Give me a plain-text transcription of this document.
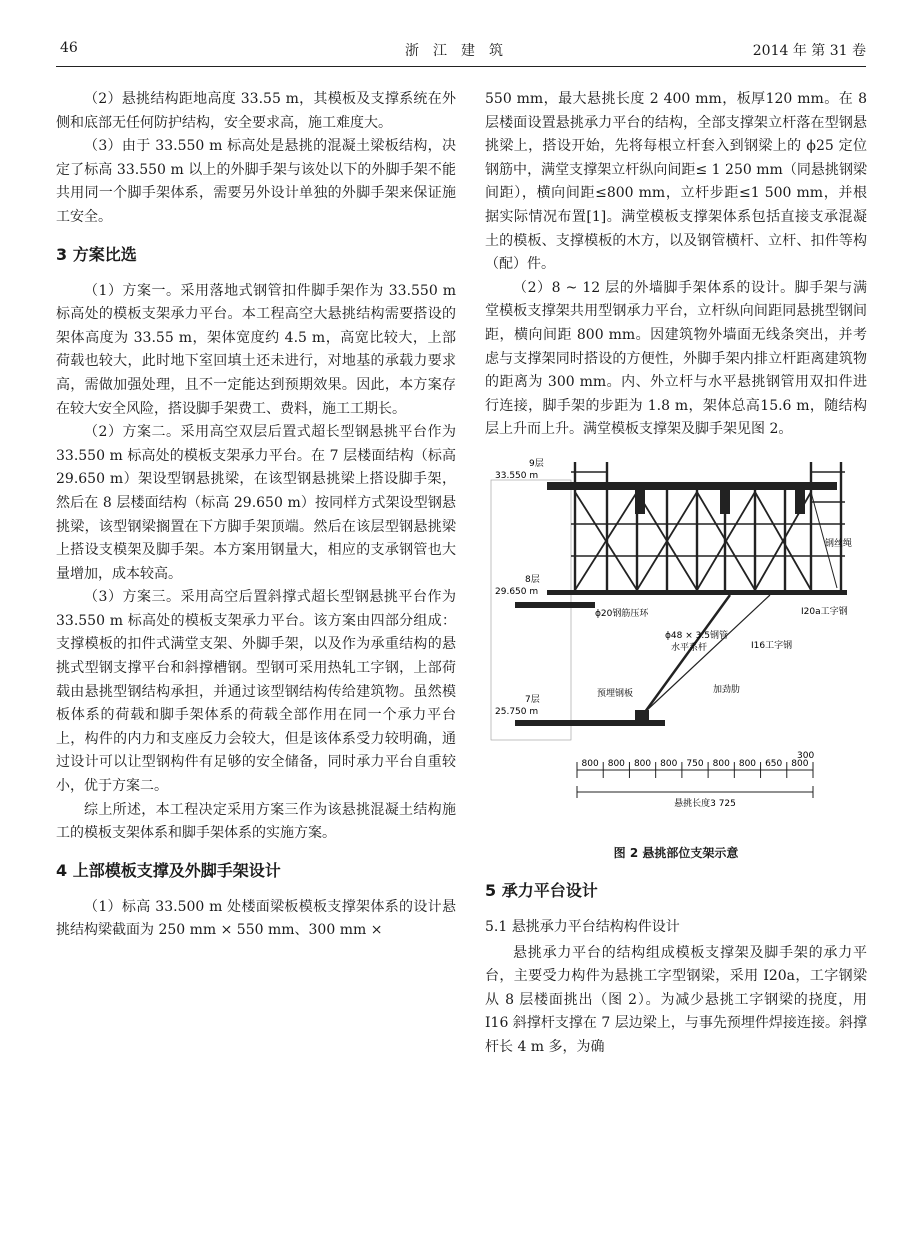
46	浙江建筑	2014 年 第 31 卷

（2）悬挑结构距地高度 33.55 m，其模板及支撑系统在外侧和底部无任何防护结构，安全要求高，施工难度大。

（3）由于 33.550 m 标高处是悬挑的混凝土梁板结构，决定了标高 33.550 m 以上的外脚手架与该处以下的外脚手架不能共用同一个脚手架体系，需要另外设计单独的外脚手架来保证施工安全。

3 方案比选

（1）方案一。采用落地式钢管扣件脚手架作为 33.550 m 标高处的模板支架承力平台。本工程高空大悬挑结构需要搭设的架体高度为 33.55 m，架体宽度约 4.5 m，高宽比较大，上部荷载也较大，此时地下室回填土还未进行，对地基的承载力要求高，需做加强处理，且不一定能达到预期效果。因此，本方案存在较大安全风险，搭设脚手架费工、费料，施工工期长。

（2）方案二。采用高空双层后置式超长型钢悬挑平台作为 33.550 m 标高处的模板支架承力平台。在 7 层楼面结构（标高 29.650 m）架设型钢悬挑梁，在该型钢悬挑梁上搭设脚手架，然后在 8 层楼面结构（标高 29.650 m）按同样方式架设型钢悬挑梁，该型钢梁搁置在下方脚手架顶端。然后在该层型钢悬挑梁上搭设支模架及脚手架。本方案用钢量大，相应的支承钢管也大量增加，成本较高。

（3）方案三。采用高空后置斜撑式超长型钢悬挑平台作为 33.550 m 标高处的模板支架承力平台。该方案由四部分组成：支撑模板的扣件式满堂支架、外脚手架，以及作为承重结构的悬挑式型钢支撑平台和斜撑槽钢。型钢可采用热轧工字钢，上部荷载由悬挑型钢结构承担，并通过该型钢结构传给建筑物。虽然模板体系的荷载和脚手架体系的荷载全部作用在同一个承力平台上，构件的内力和支座反力会较大，但是该体系受力较明确，通过设计可以让型钢构件有足够的安全储备，同时承力平台自重较小，优于方案二。

综上所述，本工程决定采用方案三作为该悬挑混凝土结构施工的模板支架体系和脚手架体系的实施方案。

4 上部模板支撑及外脚手架设计

（1）标高 33.500 m 处楼面梁板模板支撑架体系的设计悬挑结构梁截面为 250 mm × 550 mm、300 mm ×

550 mm，最大悬挑长度 2 400 mm，板厚120 mm。在 8 层楼面设置悬挑承力平台的结构，全部支撑架立杆落在型钢悬挑梁上，搭设开始，先将每根立杆套入到钢梁上的 ϕ25 定位钢筋中，满堂支撑架立杆纵向间距≤ 1 250 mm（同悬挑钢梁间距），横向间距≤800 mm，立杆步距≤1 500 mm，并根据实际情况布置[1]。满堂模板支撑架体系包括直接支承混凝土的模板、支撑模板的木方，以及钢管横杆、立杆、扣件等构（配）件。

（2）8 ~ 12 层的外墙脚手架体系的设计。脚手架与满堂模板支撑架共用型钢承力平台，立杆纵向间距同悬挑型钢间距，横向间距 800 mm。因建筑物外墙面无线条突出，并考虑与支撑架同时搭设的方便性，外脚手架内排立杆距离建筑物的距离为 300 mm。内、外立杆与水平悬挑钢管用双扣件进行连接，脚手架的步距为 1.8 m，架体总高15.6 m，随结构层上升而上升。满堂模板支撑架及脚手架见图 2。

9层
33.550 m
8层
29.650 m
7层
25.750 m
钢丝绳
ϕ20钢筋压环	I20a工字钢
ϕ48 × 3.5钢管
水平系杆	I16工字钢
预埋钢板	加劲肋
800 800 800 800 750 800 800 650 800
300
悬挑长度3 725
图 2 悬挑部位支架示意
5 承力平台设计
5.1 悬挑承力平台结构构件设计

悬挑承力平台的结构组成模板支撑架及脚手架的承力平台，主要受力构件为悬挑工字型钢梁，采用 I20a，工字钢梁从 8 层楼面挑出（图 2）。为减少悬挑工字钢梁的挠度，用 I16 斜撑杆支撑在 7 层边梁上，与事先预埋件焊接连接。斜撑杆长 4 m 多，为确
